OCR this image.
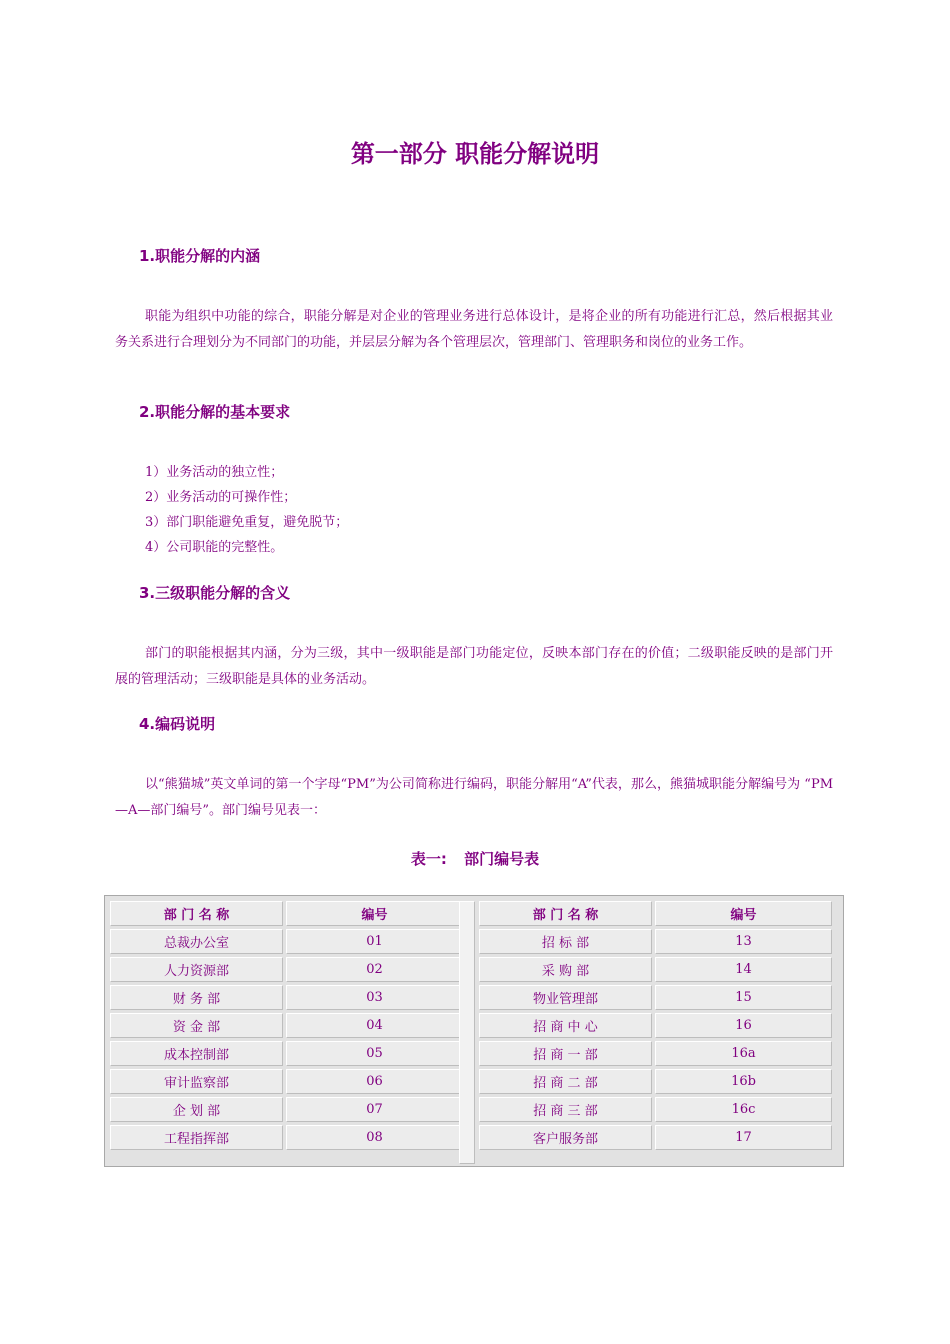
第一部分 职能分解说明
1.职能分解的内涵

职能为组织中功能的综合，职能分解是对企业的管理业务进行总体设计，是将企业的所有功能进行汇总，然后根据其业务关系进行合理划分为不同部门的功能，并层层分解为各个管理层次，管理部门、管理职务和岗位的业务工作。

2.职能分解的基本要求
1）业务活动的独立性；
2）业务活动的可操作性；
3）部门职能避免重复，避免脱节；
4）公司职能的完整性。
3.三级职能分解的含义

部门的职能根据其内涵，分为三级，其中一级职能是部门功能定位，反映本部门存在的价值；二级职能反映的是部门开展的管理活动；三级职能是具体的业务活动。

4.编码说明

以“熊猫城”英文单词的第一个字母“PM”为公司简称进行编码，职能分解用“A”代表，那么，熊猫城职能分解编号为 “PM—A—部门编号”。部门编号见表一：

表一: 部门编号表
部 门 名 称	编号
总裁办公室	01
人力资源部	02
财 务 部	03
资 金 部	04
成本控制部	05
审计监察部	06
企 划 部	07
工程指挥部	08
部 门 名 称	编号
招 标 部	13
采 购 部	14
物业管理部	15
招 商 中 心	16
招 商 一 部	16a
招 商 二 部	16b
招 商 三 部	16c
客户服务部	17
